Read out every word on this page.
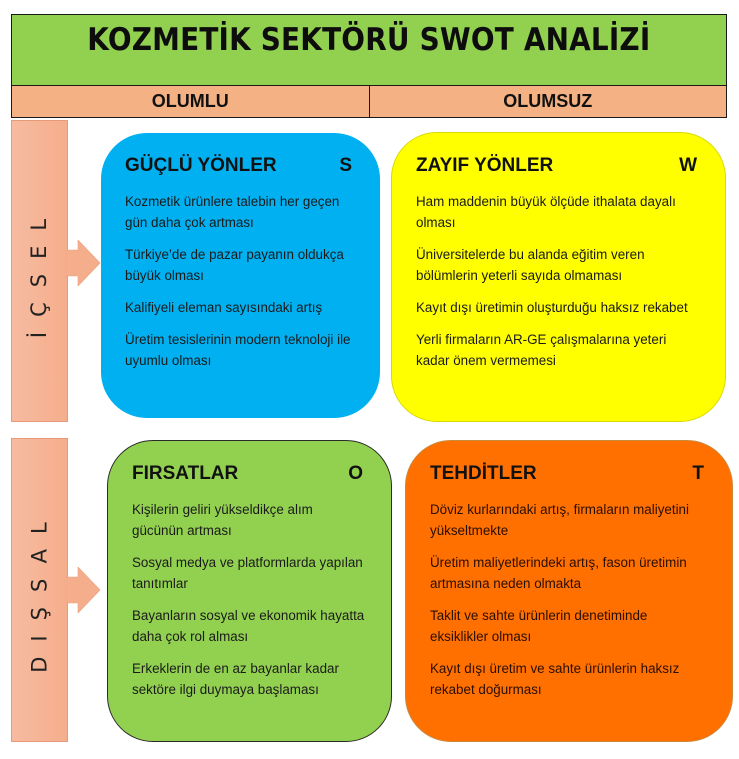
KOZMETİK SEKTÖRÜ SWOT ANALİZİ
OLUMLU	OLUMSUZ
İÇSEL
DIŞSAL
GÜÇLÜ YÖNLER	S
Kozmetik ürünlere talebin her geçen gün daha çok artması
Türkiye’de de pazar payanın oldukça büyük olması
Kalifiyeli eleman sayısındaki artış
Üretim tesislerinin modern teknoloji ile uyumlu olması
ZAYIF YÖNLER	W
Ham maddenin büyük ölçüde ithalata dayalı olması
Üniversitelerde bu alanda eğitim veren bölümlerin yeterli sayıda olmaması
Kayıt dışı üretimin oluşturduğu haksız rekabet
Yerli firmaların AR-GE çalışmalarına yeteri kadar önem vermemesi
FIRSATLAR	O
Kişilerin geliri yükseldikçe alım gücünün artması
Sosyal medya ve platformlarda yapılan tanıtımlar
Bayanların sosyal ve ekonomik hayatta daha çok rol alması
Erkeklerin de en az bayanlar kadar sektöre ilgi duymaya başlaması
TEHDİTLER	T
Döviz kurlarındaki artış, firmaların maliyetini yükseltmekte
Üretim maliyetlerindeki artış, fason üretimin artmasına neden olmakta
Taklit ve sahte ürünlerin denetiminde eksiklikler olması
Kayıt dışı üretim ve sahte ürünlerin haksız rekabet doğurması
